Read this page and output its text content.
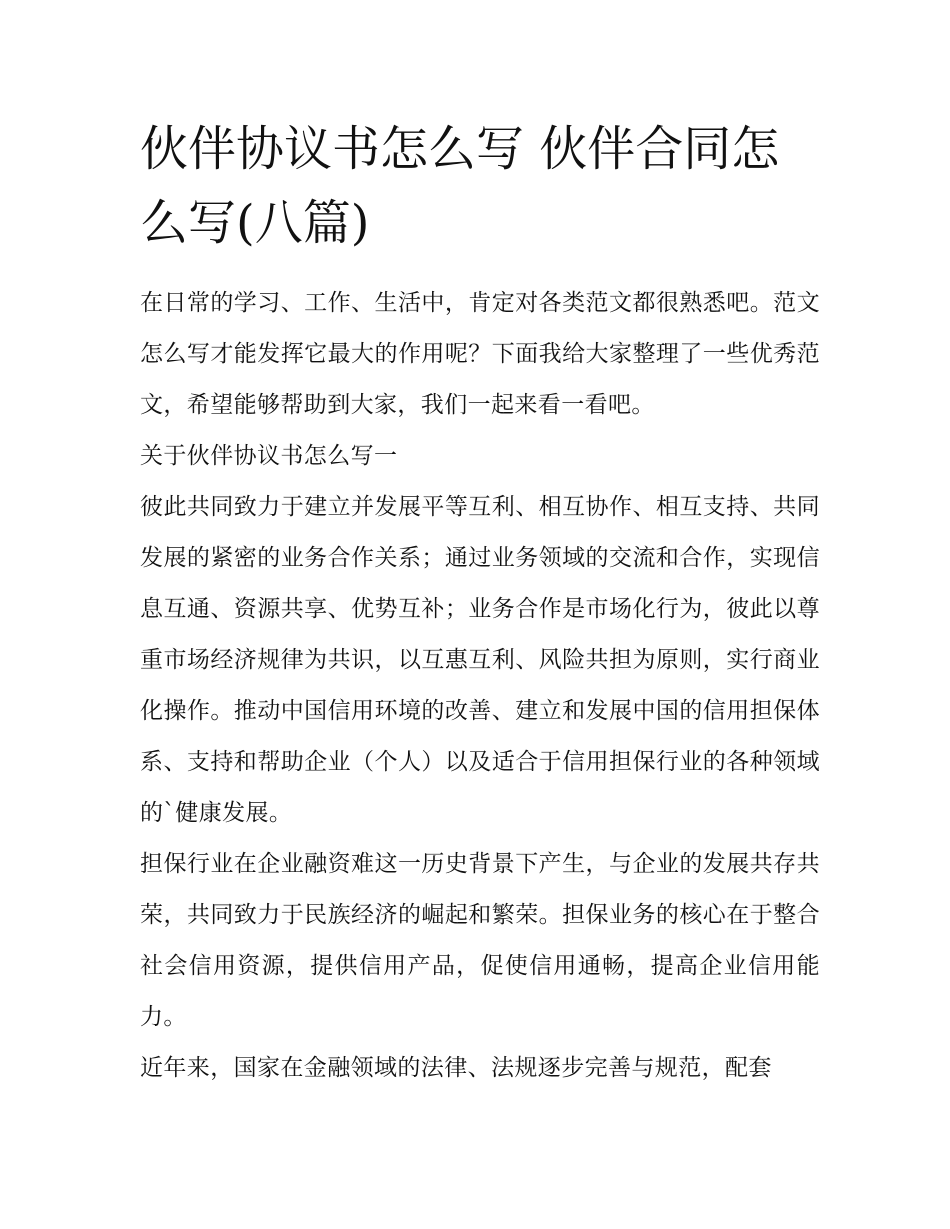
伙伴协议书怎么写 伙伴合同怎么写(八篇)

在日常的学习、工作、生活中，肯定对各类范文都很熟悉吧。范文怎么写才能发挥它最大的作用呢？下面我给大家整理了一些优秀范文，希望能够帮助到大家，我们一起来看一看吧。

关于伙伴协议书怎么写一

彼此共同致力于建立并发展平等互利、相互协作、相互支持、共同发展的紧密的业务合作关系；通过业务领域的交流和合作，实现信息互通、资源共享、优势互补；业务合作是市场化行为，彼此以尊重市场经济规律为共识，以互惠互利、风险共担为原则，实行商业化操作。推动中国信用环境的改善、建立和发展中国的信用担保体系、支持和帮助企业（个人）以及适合于信用担保行业的各种领域的`健康发展。

担保行业在企业融资难这一历史背景下产生，与企业的发展共存共荣，共同致力于民族经济的崛起和繁荣。担保业务的核心在于整合社会信用资源，提供信用产品，促使信用通畅，提高企业信用能力。

近年来，国家在金融领域的法律、法规逐步完善与规范，配套
